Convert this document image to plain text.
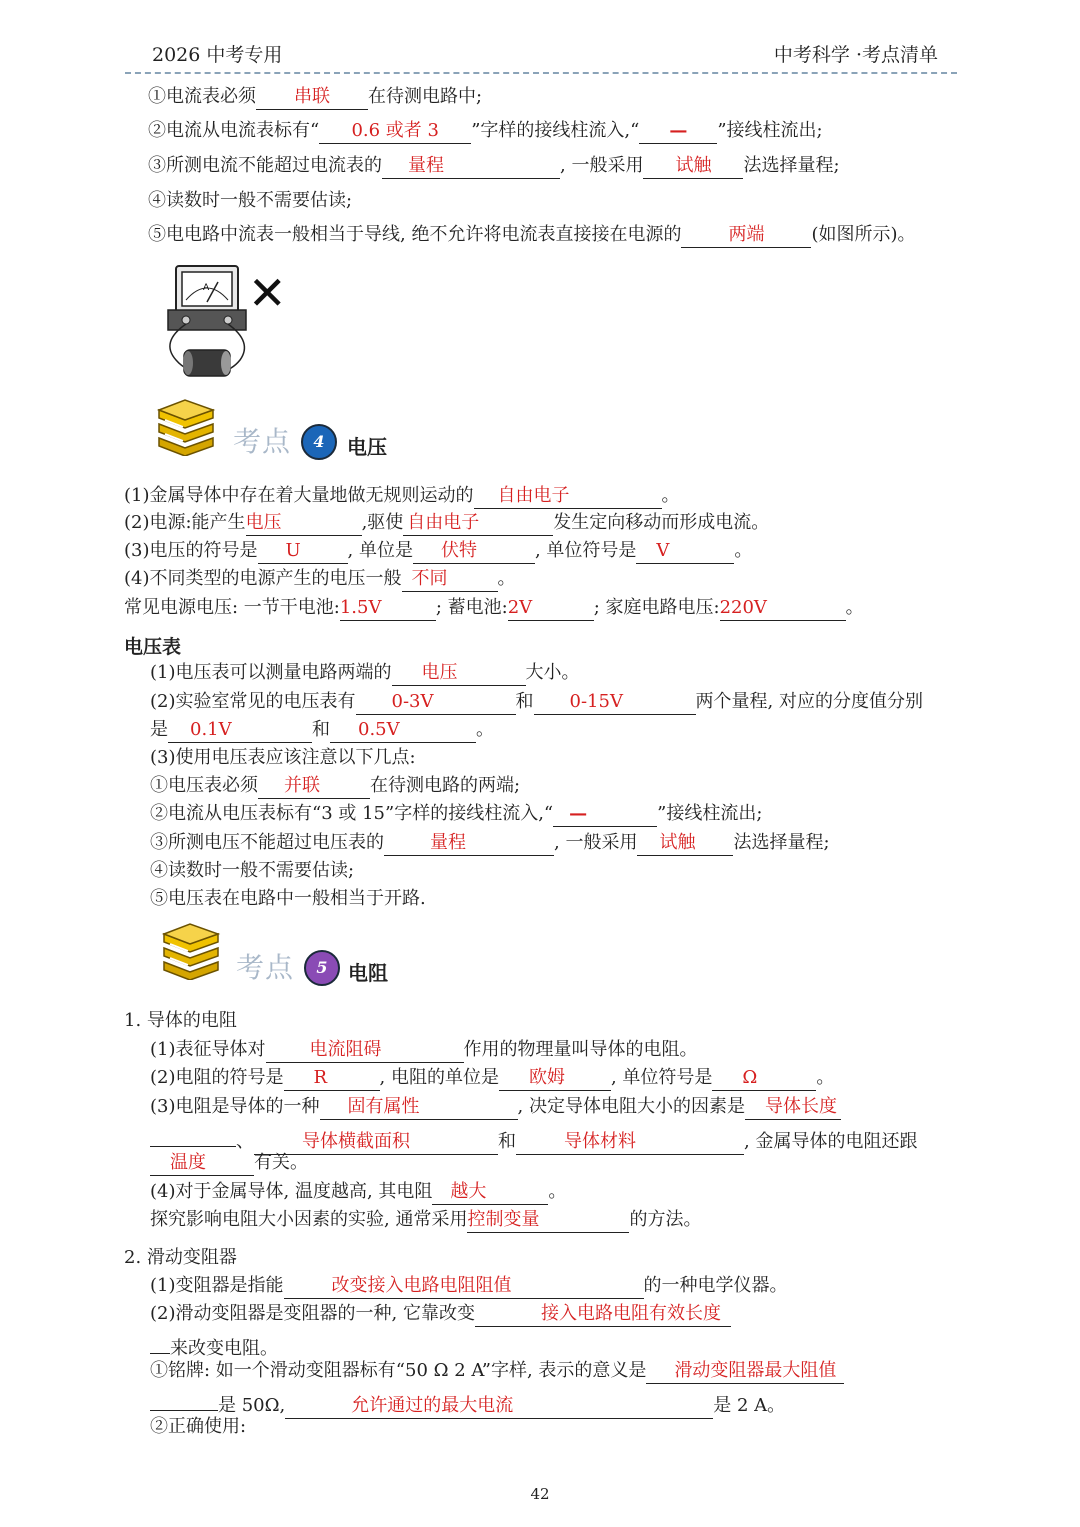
2026 中考专用	中考科学 ·考点清单
①电流表必须 串联 在待测电路中;
②电流从电流表标有“ 0.6 或者 3 ”字样的接线柱流入,“ — ”接线柱流出;
③所测电流不能超过电流表的 量程	, 一般采用 试触 法选择量程;
④读数时一般不需要估读;
⑤电电路中流表一般相当于导线, 绝不允许将电流表直接接在电源的	两端	(如图所示)。
A ✕
考点	4	电压
(1)金属导体中存在着大量地做无规则运动的 自由电子	。
(2)电源:能产生电压	,驱使 自由电子	发生定向移动而形成电流。
(3)电压的符号是 U	, 单位是 伏特	, 单位符号是 V	。
(4)不同类型的电源产生的电压一般 不同	。
常见电源电压: 一节干电池:1.5V	; 蓄电池:2V	; 家庭电路电压:220V	。
电压表
(1)电压表可以测量电路两端的 电压	大小。
(2)实验室常见的电压表有 0-3V	和 0-15V	两个量程, 对应的分度值分别
是 0.1V	和 0.5V	。
(3)使用电压表应该注意以下几点:
①电压表必须 并联	在待测电路的两端;
②电流从电压表标有“3 或 15”字样的接线柱流入,“ —	”接线柱流出;
③所测电压不能超过电压表的	量程	, 一般采用 试触 法选择量程;
④读数时一般不需要估读;
⑤电压表在电路中一般相当于开路.
考点	5	电阻
1. 导体的电阻
(1)表征导体对 电流阻碍	作用的物理量叫导体的电阻。
(2)电阻的符号是 R	, 电阻的单位是 欧姆	, 单位符号是 Ω	。
(3)电阻是导体的一种 固有属性	, 决定导体电阻大小的因素是 导体长度
、	导体横截面积	和	导体材料	, 金属导体的电阻还跟
温度	有关。
(4)对于金属导体, 温度越高, 其电阻 越大	。
探究影响电阻大小因素的实验, 通常采用控制变量	的方法。
2. 滑动变阻器
(1)变阻器是指能	改变接入电路电阻阻值	的一种电学仪器。
(2)滑动变阻器是变阻器的一种, 它靠改变	接入电路电阻有效长度
来改变电阻。
①铭牌: 如一个滑动变阻器标有“50 Ω 2 A”字样, 表示的意义是 滑动变阻器最大阻值
是 50Ω,	允许通过的最大电流	是 2 A。
②正确使用:
42
